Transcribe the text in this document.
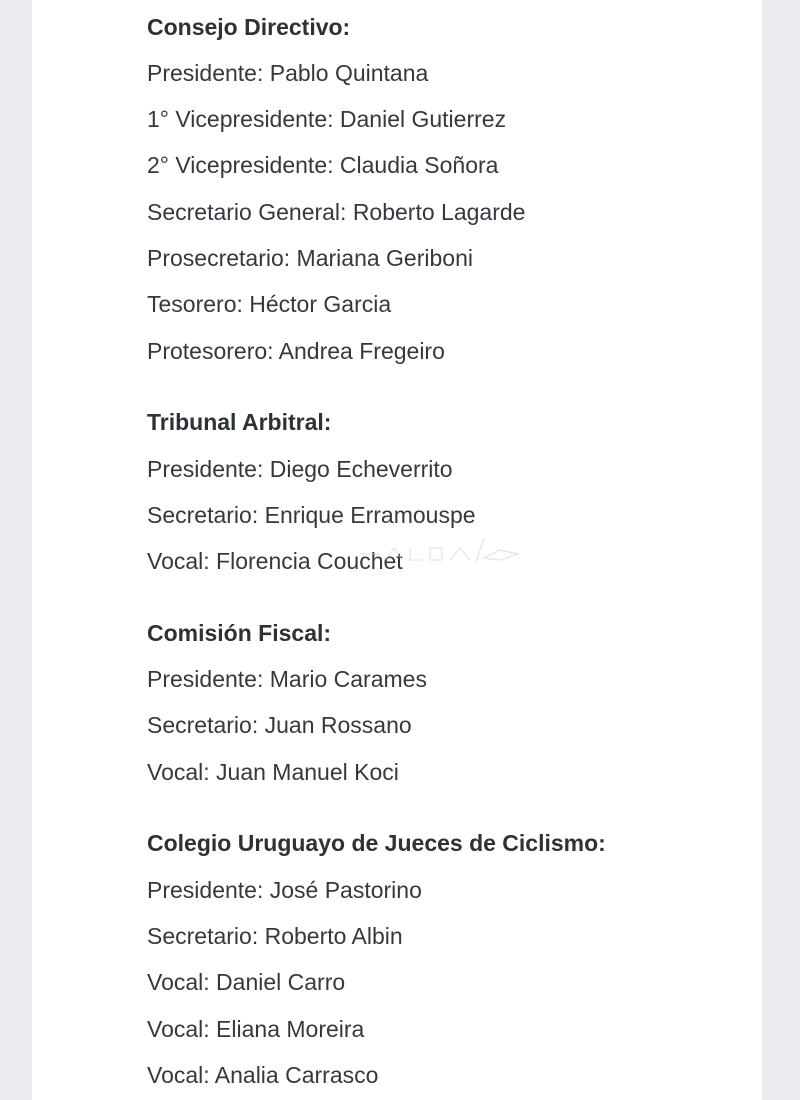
Consejo Directivo:
Presidente: Pablo Quintana
1° Vicepresidente: Daniel Gutierrez
2° Vicepresidente: Claudia Soñora
Secretario General: Roberto Lagarde
Prosecretario: Mariana Geriboni
Tesorero: Héctor Garcia
Protesorero: Andrea Fregeiro
Tribunal Arbitral:
Presidente: Diego Echeverrito
Secretario: Enrique Erramouspe
Vocal: Florencia Couchet
Comisión Fiscal:
Presidente: Mario Carames
Secretario: Juan Rossano
Vocal: Juan Manuel Koci
Colegio Uruguayo de Jueces de Ciclismo:
Presidente: José Pastorino
Secretario: Roberto Albin
Vocal: Daniel Carro
Vocal: Eliana Moreira
Vocal: Analia Carrasco
